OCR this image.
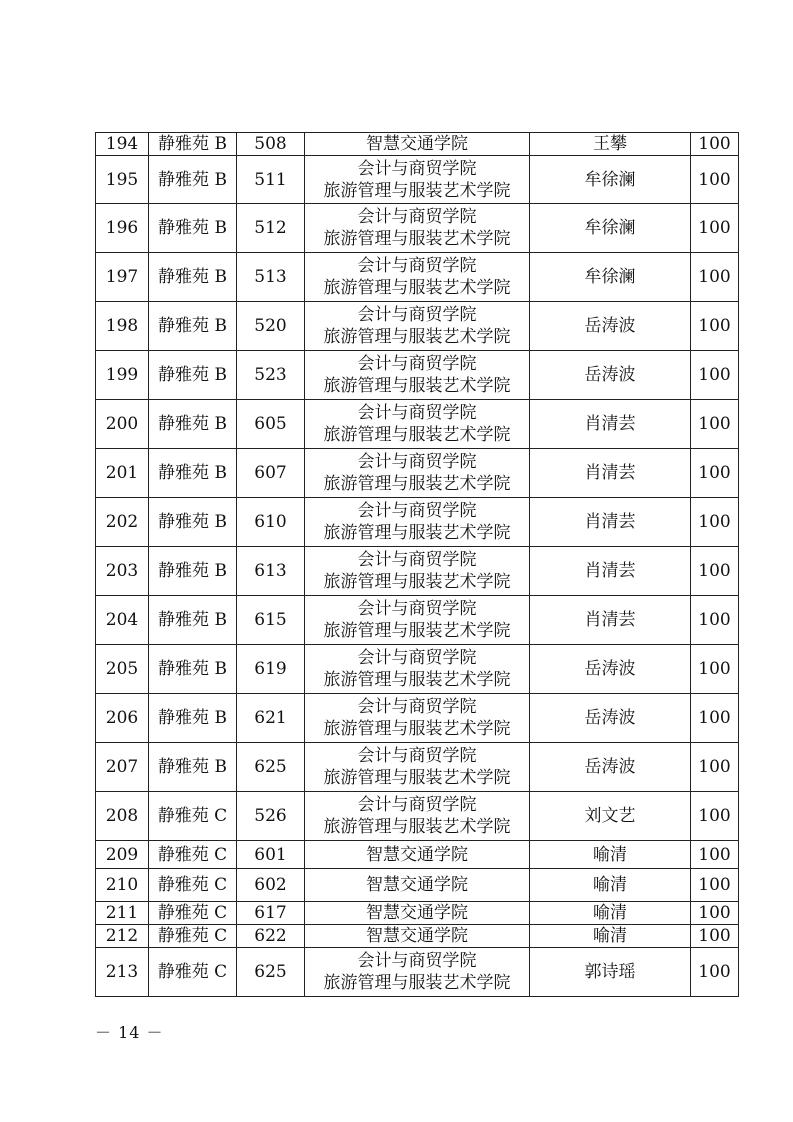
194	静雅苑 B	508	智慧交通学院	王攀	100
195	静雅苑 B	511	会计与商贸学院
旅游管理与服装艺术学院	牟徐澜	100
196	静雅苑 B	512	会计与商贸学院
旅游管理与服装艺术学院	牟徐澜	100
197	静雅苑 B	513	会计与商贸学院
旅游管理与服装艺术学院	牟徐澜	100
198	静雅苑 B	520	会计与商贸学院
旅游管理与服装艺术学院	岳涛波	100
199	静雅苑 B	523	会计与商贸学院
旅游管理与服装艺术学院	岳涛波	100
200	静雅苑 B	605	会计与商贸学院
旅游管理与服装艺术学院	肖清芸	100
201	静雅苑 B	607	会计与商贸学院
旅游管理与服装艺术学院	肖清芸	100
202	静雅苑 B	610	会计与商贸学院
旅游管理与服装艺术学院	肖清芸	100
203	静雅苑 B	613	会计与商贸学院
旅游管理与服装艺术学院	肖清芸	100
204	静雅苑 B	615	会计与商贸学院
旅游管理与服装艺术学院	肖清芸	100
205	静雅苑 B	619	会计与商贸学院
旅游管理与服装艺术学院	岳涛波	100
206	静雅苑 B	621	会计与商贸学院
旅游管理与服装艺术学院	岳涛波	100
207	静雅苑 B	625	会计与商贸学院
旅游管理与服装艺术学院	岳涛波	100
208	静雅苑 C	526	会计与商贸学院
旅游管理与服装艺术学院	刘文艺	100
209	静雅苑 C	601	智慧交通学院	喻清	100
210	静雅苑 C	602	智慧交通学院	喻清	100
211	静雅苑 C	617	智慧交通学院	喻清	100
212	静雅苑 C	622	智慧交通学院	喻清	100
213	静雅苑 C	625	会计与商贸学院
旅游管理与服装艺术学院	郭诗瑶	100
－ 14 －
